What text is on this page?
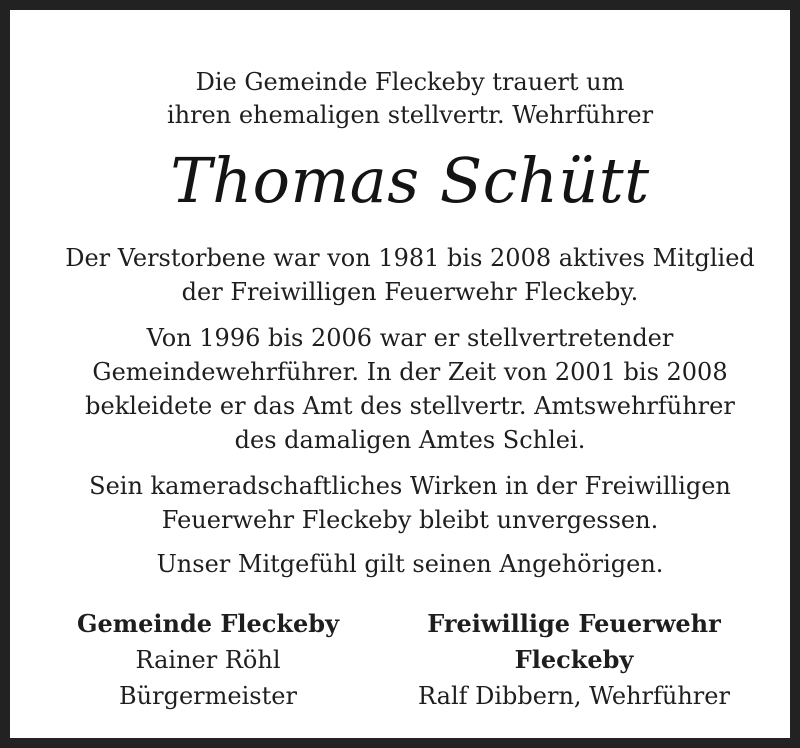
Die Gemeinde Fleckeby trauert um
ihren ehemaligen stellvertr. Wehrführer
Thomas Schütt
Der Verstorbene war von 1981 bis 2008 aktives Mitglied
der Freiwilligen Feuerwehr Fleckeby.
Von 1996 bis 2006 war er stellvertretender
Gemeindewehrführer. In der Zeit von 2001 bis 2008
bekleidete er das Amt des stellvertr. Amtswehrführer
des damaligen Amtes Schlei.
Sein kameradschaftliches Wirken in der Freiwilligen
Feuerwehr Fleckeby bleibt unvergessen.
Unser Mitgefühl gilt seinen Angehörigen.
Gemeinde Fleckeby
Rainer Röhl
Bürgermeister
Freiwillige Feuerwehr
Fleckeby
Ralf Dibbern, Wehrführer
